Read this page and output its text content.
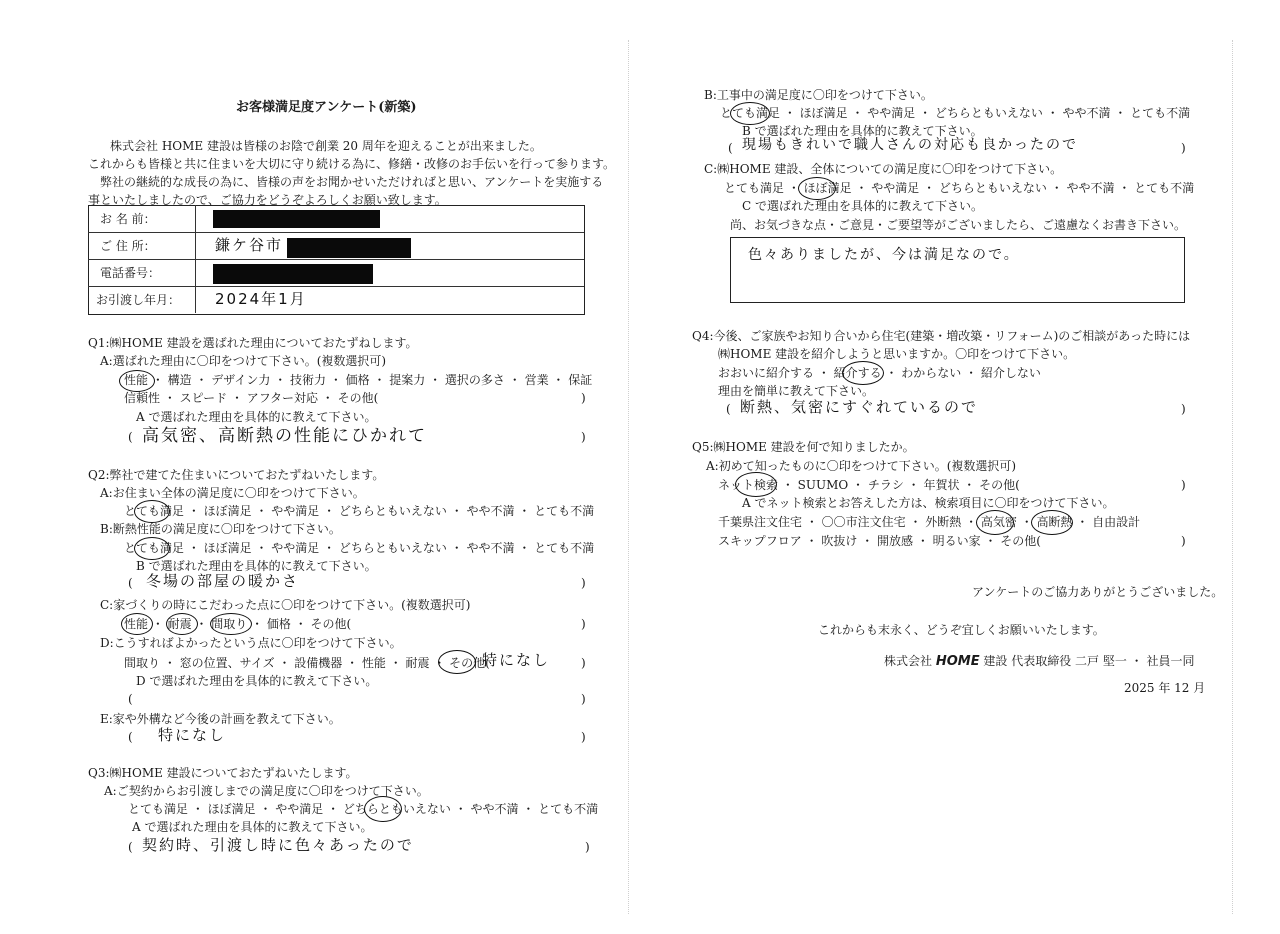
お客様満足度アンケート(新築)
株式会社 HOME 建設は皆様のお陰で創業 20 周年を迎えることが出来ました。
これからも皆様と共に住まいを大切に守り続ける為に、修繕・改修のお手伝いを行って参ります。
弊社の継続的な成長の為に、皆様の声をお聞かせいただければと思い、アンケートを実施する
事といたしましたので、ご協力をどうぞよろしくお願い致します。
お 名 前：
ご 住 所：	鎌ケ谷市
電話番号：
お引渡し年月： 2024年1月
Q1:㈱HOME 建設を選ばれた理由についておたずねします。
A:選ばれた理由に〇印をつけて下さい。(複数選択可)
性能 ・ 構造 ・ デザイン力 ・ 技術力 ・ 価格 ・ 提案力 ・ 選択の多さ ・ 営業 ・ 保証
信頼性 ・ スピード ・ アフター対応 ・ その他(	)
A で選ばれた理由を具体的に教えて下さい。
( 高気密、高断熱の性能にひかれて	)
Q2:弊社で建てた住まいについておたずねいたします。
A:お住まい全体の満足度に〇印をつけて下さい。
とても満足 ・ ほぼ満足 ・ やや満足 ・ どちらともいえない ・ やや不満 ・ とても不満
B:断熱性能の満足度に〇印をつけて下さい。
とても満足 ・ ほぼ満足 ・ やや満足 ・ どちらともいえない ・ やや不満 ・ とても不満
B で選ばれた理由を具体的に教えて下さい。
( 冬場の部屋の暖かさ	)
C:家づくりの時にこだわった点に〇印をつけて下さい。(複数選択可)
性能 ・ 耐震 ・ 間取り ・ 価格 ・ その他(	)
D:こうすればよかったという点に〇印をつけて下さい。
間取り ・ 窓の位置、サイズ ・ 設備機器 ・ 性能 ・ 耐震 ・ その他(
特になし	)
D で選ばれた理由を具体的に教えて下さい。
(	)
E:家や外構など今後の計画を教えて下さい。
( 特になし	)
Q3:㈱HOME 建設についておたずねいたします。
A:ご契約からお引渡しまでの満足度に〇印をつけて下さい。
とても満足 ・ ほぼ満足 ・ やや満足 ・ どちらともいえない ・ やや不満 ・ とても不満
A で選ばれた理由を具体的に教えて下さい。
( 契約時、引渡し時に色々あったので	)
B:工事中の満足度に〇印をつけて下さい。
とても満足 ・ ほぼ満足 ・ やや満足 ・ どちらともいえない ・ やや不満 ・ とても不満
B で選ばれた理由を具体的に教えて下さい。
( 現場もきれいで職人さんの対応も良かったので	)
C:㈱HOME 建設、全体についての満足度に〇印をつけて下さい。
とても満足 ・ ほぼ満足 ・ やや満足 ・ どちらともいえない ・ やや不満 ・ とても不満
C で選ばれた理由を具体的に教えて下さい。
尚、お気づきな点・ご意見・ご要望等がございましたら、ご遠慮なくお書き下さい。
色々ありましたが、今は満足なので。
Q4:今後、ご家族やお知り合いから住宅(建築・増改築・リフォーム)のご相談があった時には
㈱HOME 建設を紹介しようと思いますか。〇印をつけて下さい。
おおいに紹介する ・ 紹介する ・ わからない ・ 紹介しない
理由を簡単に教えて下さい。
( 断熱、気密にすぐれているので	)
Q5:㈱HOME 建設を何で知りましたか。
A:初めて知ったものに〇印をつけて下さい。(複数選択可)
ネット検索 ・ SUUMO ・ チラシ ・ 年賀状 ・ その他(	)
A でネット検索とお答えした方は、検索項目に〇印をつけて下さい。
千葉県注文住宅 ・ 〇〇市注文住宅 ・ 外断熱 ・ 高気密 ・ 高断熱 ・ 自由設計
スキップフロア ・ 吹抜け ・ 開放感 ・ 明るい家 ・ その他(	)
アンケートのご協力ありがとうございました。
これからも末永く、どうぞ宜しくお願いいたします。
株式会社 HOME 建設 代表取締役 二戸 堅一 ・ 社員一同
2025 年 12 月
